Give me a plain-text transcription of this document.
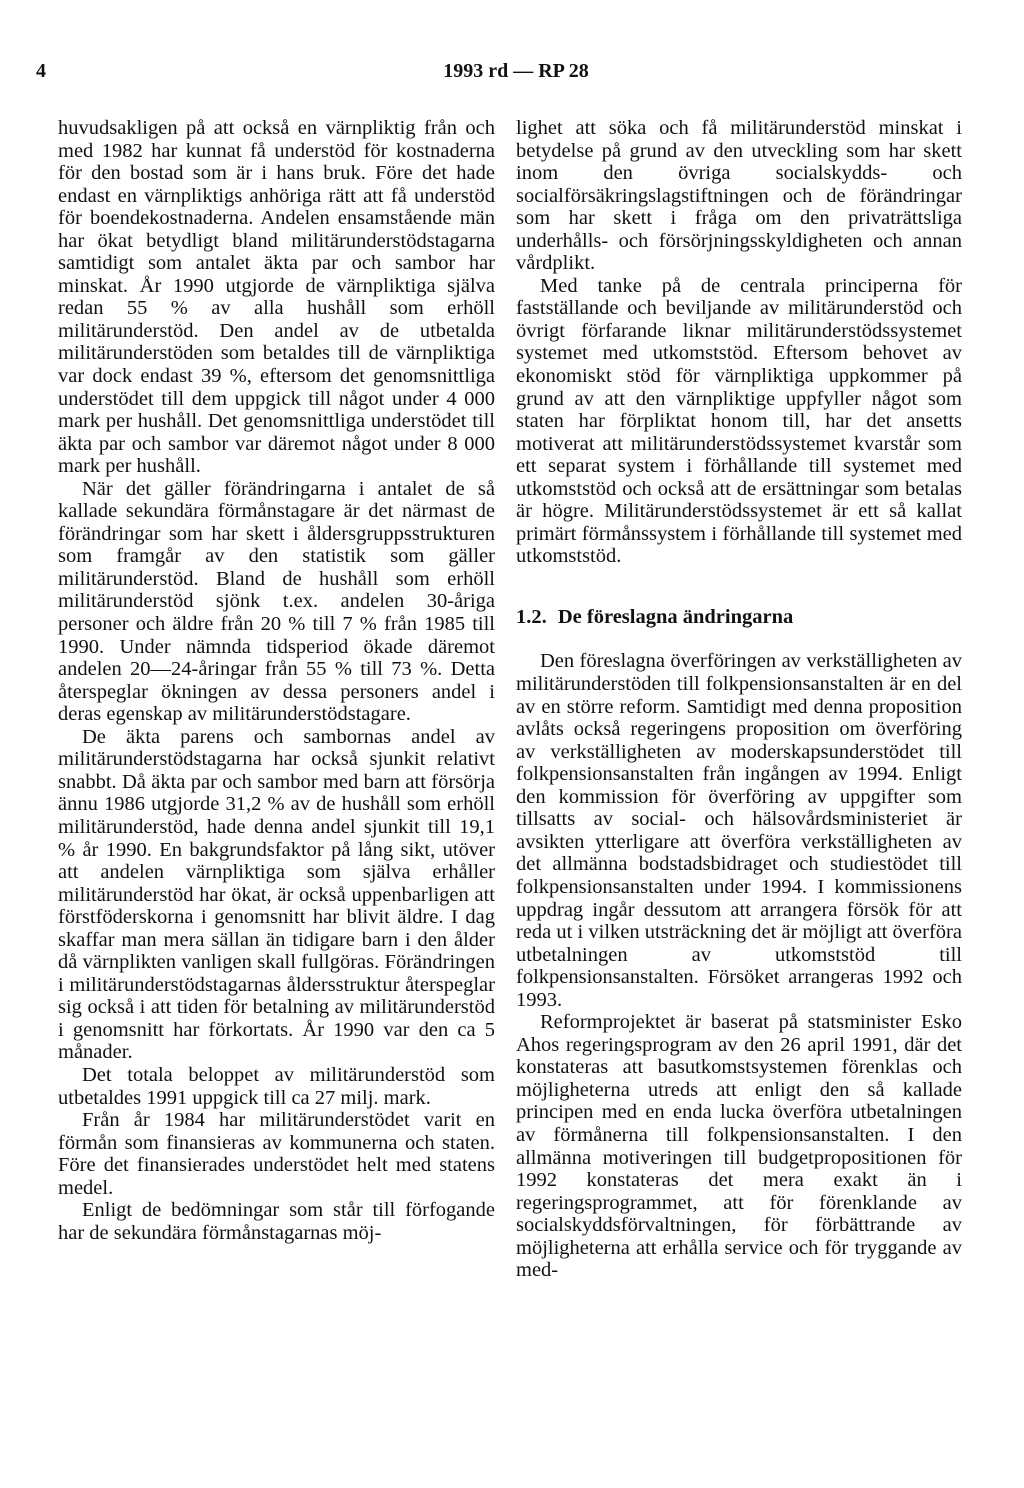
4	1993 rd — RP 28

huvudsakligen på att också en värnpliktig från och med 1982 har kunnat få understöd för kostnaderna för den bostad som är i hans bruk. Före det hade endast en värnpliktigs anhöriga rätt att få understöd för boendekostnaderna. Andelen ensamstående män har ökat betydligt bland militärunderstödstagarna samtidigt som antalet äkta par och sambor har minskat. År 1990 utgjorde de värnpliktiga själva redan 55 % av alla hushåll som erhöll militärunderstöd. Den andel av de utbetalda militärunderstöden som betaldes till de värnpliktiga var dock endast 39 %, eftersom det genomsnittliga understödet till dem uppgick till något under 4 000 mark per hushåll. Det genomsnittliga understödet till äkta par och sambor var däremot något under 8 000 mark per hushåll.

När det gäller förändringarna i antalet de så kallade sekundära förmånstagare är det närmast de förändringar som har skett i åldersgruppsstrukturen som framgår av den statistik som gäller militärunderstöd. Bland de hushåll som erhöll militärunderstöd sjönk t.ex. andelen 30-åriga personer och äldre från 20 % till 7 % från 1985 till 1990. Under nämnda tidsperiod ökade däremot andelen 20—24-åringar från 55 % till 73 %. Detta återspeglar ökningen av dessa personers andel i deras egenskap av militärunderstödstagare.

De äkta parens och sambornas andel av militärunderstödstagarna har också sjunkit relativt snabbt. Då äkta par och sambor med barn att försörja ännu 1986 utgjorde 31,2 % av de hushåll som erhöll militärunderstöd, hade denna andel sjunkit till 19,1 % år 1990. En bakgrundsfaktor på lång sikt, utöver att andelen värnpliktiga som själva erhåller militärunderstöd har ökat, är också uppenbarligen att förstföderskorna i genomsnitt har blivit äldre. I dag skaffar man mera sällan än tidigare barn i den ålder då värnplikten vanligen skall fullgöras. Förändringen i militärunderstödstagarnas åldersstruktur återspeglar sig också i att tiden för betalning av militärunderstöd i genomsnitt har förkortats. År 1990 var den ca 5 månader.

Det totala beloppet av militärunderstöd som utbetaldes 1991 uppgick till ca 27 milj. mark.

Från år 1984 har militärunderstödet varit en förmån som finansieras av kommunerna och staten. Före det finansierades understödet helt med statens medel.

Enligt de bedömningar som står till förfogande har de sekundära förmånstagarnas möj-

lighet att söka och få militärunderstöd minskat i betydelse på grund av den utveckling som har skett inom den övriga socialskydds- och socialförsäkringslagstiftningen och de förändringar som har skett i fråga om den privaträttsliga underhålls- och försörjningsskyldigheten och annan vårdplikt.

Med tanke på de centrala principerna för fastställande och beviljande av militärunderstöd och övrigt förfarande liknar militärunderstödssystemet systemet med utkomststöd. Eftersom behovet av ekonomiskt stöd för värnpliktiga uppkommer på grund av att den värnpliktige uppfyller något som staten har förpliktat honom till, har det ansetts motiverat att militärunderstödssystemet kvarstår som ett separat system i förhållande till systemet med utkomststöd och också att de ersättningar som betalas är högre. Militärunderstödssystemet är ett så kallat primärt förmånssystem i förhållande till systemet med utkomststöd.

1.2. De föreslagna ändringarna

Den föreslagna överföringen av verkställigheten av militärunderstöden till folkpensionsanstalten är en del av en större reform. Samtidigt med denna proposition avlåts också regeringens proposition om överföring av verkställigheten av moderskapsunderstödet till folkpensionsanstalten från ingången av 1994. Enligt den kommission för överföring av uppgifter som tillsatts av social- och hälsovårdsministeriet är avsikten ytterligare att överföra verkställigheten av det allmänna bodstadsbidraget och studiestödet till folkpensionsanstalten under 1994. I kommissionens uppdrag ingår dessutom att arrangera försök för att reda ut i vilken utsträckning det är möjligt att överföra utbetalningen av utkomststöd till folkpensionsanstalten. Försöket arrangeras 1992 och 1993.

Reformprojektet är baserat på statsminister Esko Ahos regeringsprogram av den 26 april 1991, där det konstateras att basutkomstsystemen förenklas och möjligheterna utreds att enligt den så kallade principen med en enda lucka överföra utbetalningen av förmånerna till folkpensionsanstalten. I den allmänna motiveringen till budgetpropositionen för 1992 konstateras det mera exakt än i regeringsprogrammet, att för förenklande av socialskyddsförvaltningen, för förbättrande av möjligheterna att erhålla service och för tryggande av med-
